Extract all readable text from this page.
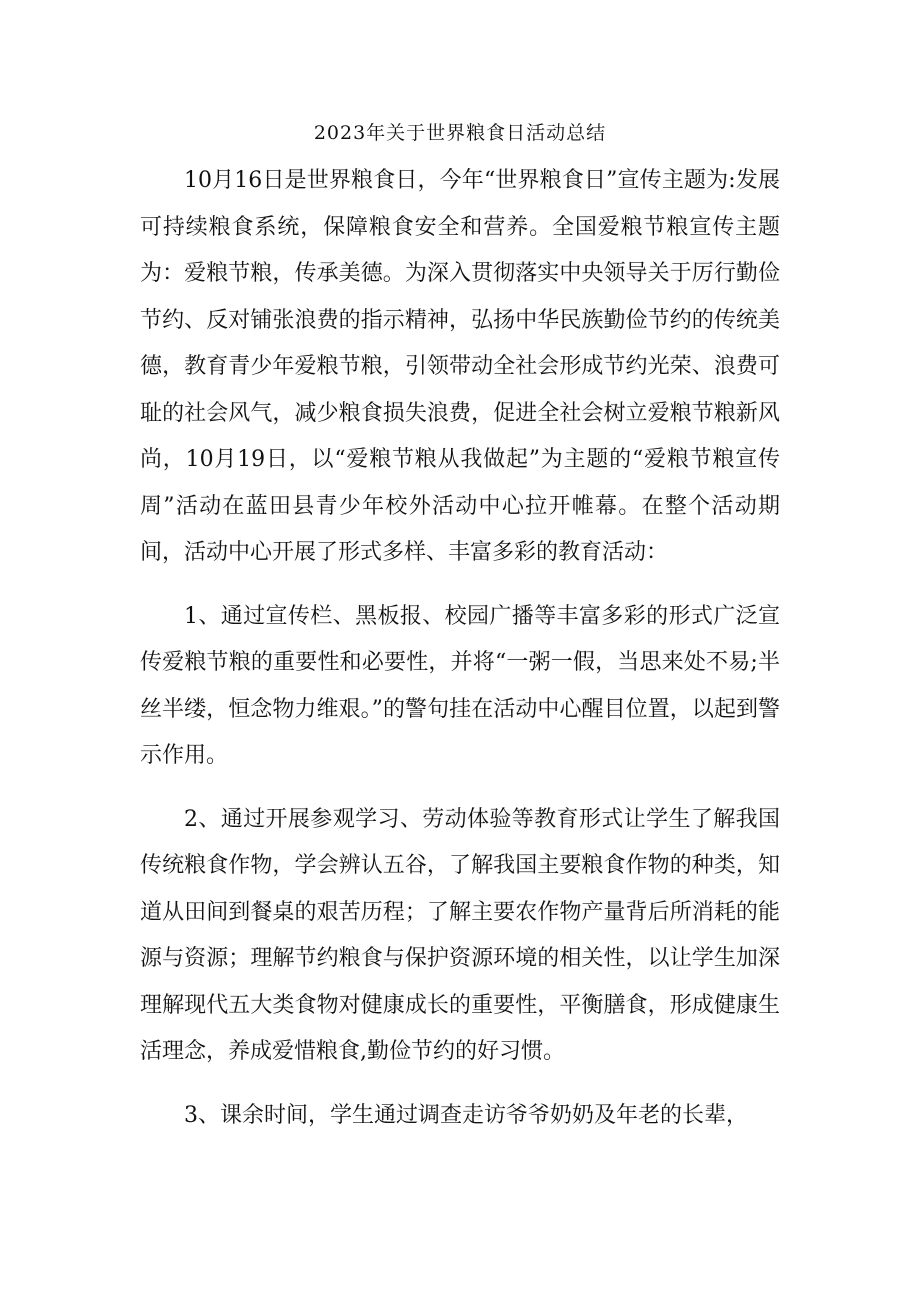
2023年关于世界粮食日活动总结

10月16日是世界粮食日，今年“世界粮食日”宣传主题为:发展可持续粮食系统，保障粮食安全和营养。全国爱粮节粮宣传主题为：爱粮节粮，传承美德。为深入贯彻落实中央领导关于厉行勤俭节约、反对铺张浪费的指示精神，弘扬中华民族勤俭节约的传统美德，教育青少年爱粮节粮，引领带动全社会形成节约光荣、浪费可耻的社会风气，减少粮食损失浪费，促进全社会树立爱粮节粮新风尚，10月19日，以“爱粮节粮从我做起”为主题的“爱粮节粮宣传周”活动在蓝田县青少年校外活动中心拉开帷幕。在整个活动期间，活动中心开展了形式多样、丰富多彩的教育活动：

1、通过宣传栏、黑板报、校园广播等丰富多彩的形式广泛宣传爱粮节粮的重要性和必要性，并将“一粥一假，当思来处不易;半丝半缕，恒念物力维艰。”的警句挂在活动中心醒目位置，以起到警示作用。

2、通过开展参观学习、劳动体验等教育形式让学生了解我国传统粮食作物，学会辨认五谷，了解我国主要粮食作物的种类，知道从田间到餐桌的艰苦历程；了解主要农作物产量背后所消耗的能源与资源；理解节约粮食与保护资源环境的相关性，以让学生加深理解现代五大类食物对健康成长的重要性，平衡膳食，形成健康生活理念，养成爱惜粮食,勤俭节约的好习惯。

3、课余时间，学生通过调查走访爷爷奶奶及年老的长辈，
